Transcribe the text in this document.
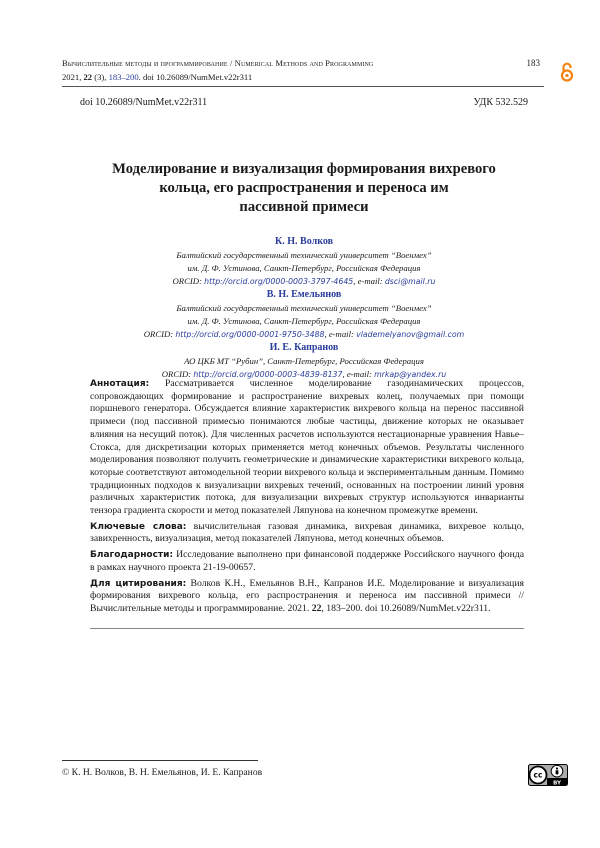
Вычислительные методы и программирование / Numerical Methods and Programming
2021, 22 (3), 183–200. doi 10.26089/NumMet.v22r311
183
doi 10.26089/NumMet.v22r311	УДК 532.529
Моделирование и визуализация формирования вихревого
кольца, его распространения и переноса им
пассивной примеси
К. Н. Волков
Балтийский государственный технический университет “Военмех”
им. Д. Ф. Устинова, Санкт-Петербург, Российская Федерация
ORCID: http://orcid.org/0000-0003-3797-4645, e-mail: dsci@mail.ru
В. Н. Емельянов
Балтийский государственный технический университет “Военмех”
им. Д. Ф. Устинова, Санкт-Петербург, Российская Федерация
ORCID: http://orcid.org/0000-0001-9750-3488, e-mail: vlademelyanov@gmail.com
И. Е. Капранов
АО ЦКБ МТ “Рубин”, Санкт-Петербург, Российская Федерация
ORCID: http://orcid.org/0000-0003-4839-8137, e-mail: mrkap@yandex.ru

Аннотация: Рассматривается численное моделирование газодинамических процессов, сопровождающих формирование и распространение вихревых колец, получаемых при помощи поршневого генератора. Обсуждается влияние характеристик вихревого кольца на перенос пассивной примеси (под пассивной примесью понимаются любые частицы, движение которых не оказывает влияния на несущий поток). Для численных расчетов используются нестационарные уравнения Навье–Стокса, для дискретизации которых применяется метод конечных объемов. Результаты численного моделирования позволяют получить геометрические и динамические характеристики вихревого кольца, которые соответствуют автомодельной теории вихревого кольца и экспериментальным данным. Помимо традиционных подходов к визуализации вихревых течений, основанных на построении линий уровня различных характеристик потока, для визуализации вихревых структур используются инварианты тензора градиента скорости и метод показателей Ляпунова на конечном промежутке времени.

Ключевые слова: вычислительная газовая динамика, вихревая динамика, вихревое кольцо, завихренность, визуализация, метод показателей Ляпунова, метод конечных объемов.

Благодарности: Исследование выполнено при финансовой поддержке Российского научного фонда в рамках научного проекта 21-19-00657.

Для цитирования: Волков К.Н., Емельянов В.Н., Капранов И.Е. Моделирование и визуализация формирования вихревого кольца, его распространения и переноса им пассивной примеси // Вычислительные методы и программирование. 2021. 22, 183–200. doi 10.26089/NumMet.v22r311.

© К. Н. Волков, В. Н. Емельянов, И. Е. Капранов	cc
BY
